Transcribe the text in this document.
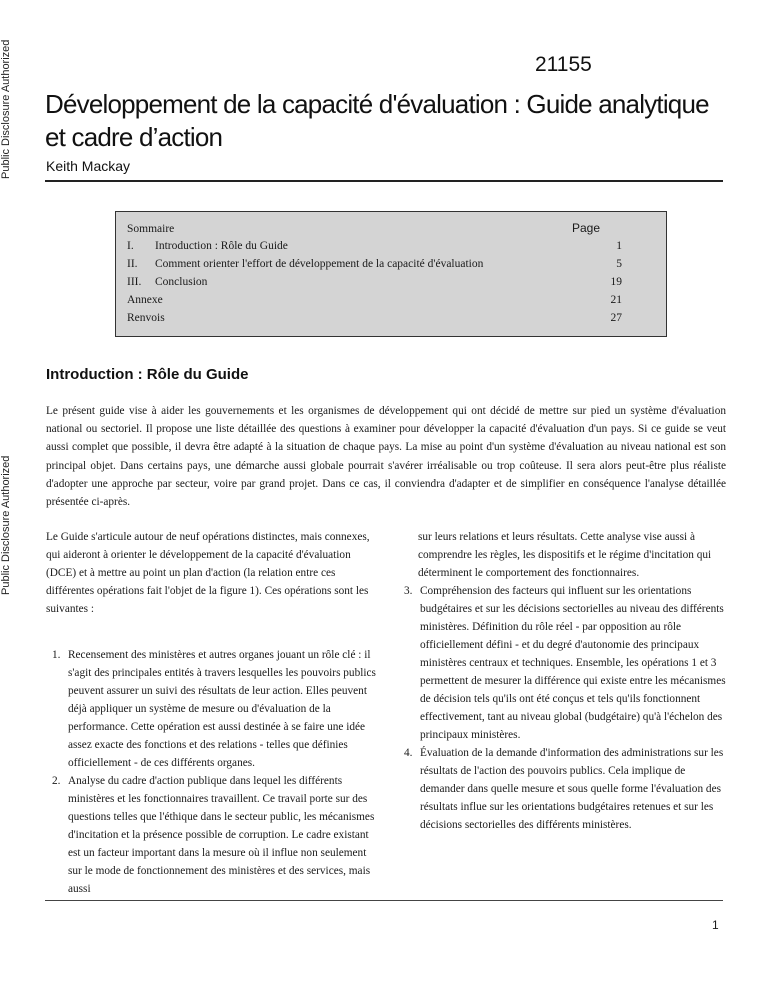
Public Disclosure Authorized
Public Disclosure Authorized
21155
Développement de la capacité d'évaluation : Guide analytique et cadre d’action
Keith Mackay
Sommaire	Page
I. Introduction : Rôle du Guide	1
II. Comment orienter l'effort de développement de la capacité d'évaluation	5
III. Conclusion	19
Annexe	21
Renvois	27
Introduction : Rôle du Guide

Le présent guide vise à aider les gouvernements et les organismes de développement qui ont décidé de mettre sur pied un système d'évaluation national ou sectoriel. Il propose une liste détaillée des questions à examiner pour développer la capacité d'évaluation d'un pays. Si ce guide se veut aussi complet que possible, il devra être adapté à la situation de chaque pays. La mise au point d'un système d'évaluation au niveau national est son principal objet. Dans certains pays, une démarche aussi globale pourrait s'avérer irréalisable ou trop coûteuse. Il sera alors peut-être plus réaliste d'adopter une approche par secteur, voire par grand projet. Dans ce cas, il conviendra d'adapter et de simplifier en conséquence l'analyse détaillée présentée ci-après.

Le Guide s'articule autour de neuf opérations distinctes, mais connexes, qui aideront à orienter le développement de la capacité d'évaluation (DCE) et à mettre au point un plan d'action (la relation entre ces différentes opérations fait l'objet de la figure 1). Ces opérations sont les suivantes :

1. Recensement des ministères et autres organes jouant un rôle clé : il s'agit des principales entités à travers lesquelles les pouvoirs publics peuvent assurer un suivi des résultats de leur action. Elles peuvent déjà appliquer un système de mesure ou d'évaluation de la performance. Cette opération est aussi destinée à se faire une idée assez exacte des fonctions et des relations - telles que définies officiellement - de ces différents organes.
2. Analyse du cadre d'action publique dans lequel les différents ministères et les fonctionnaires travaillent. Ce travail porte sur des questions telles que l'éthique dans le secteur public, les mécanismes d'incitation et la présence possible de corruption. Le cadre existant est un facteur important dans la mesure où il influe non seulement sur le mode de fonctionnement des ministères et des services, mais aussi

sur leurs relations et leurs résultats. Cette analyse vise aussi à comprendre les règles, les dispositifs et le régime d'incitation qui déterminent le comportement des fonctionnaires.

3. Compréhension des facteurs qui influent sur les orientations budgétaires et sur les décisions sectorielles au niveau des différents ministères. Définition du rôle réel - par opposition au rôle officiellement défini - et du degré d'autonomie des principaux ministères centraux et techniques. Ensemble, les opérations 1 et 3 permettent de mesurer la différence qui existe entre les mécanismes de décision tels qu'ils ont été conçus et tels qu'ils fonctionnent effectivement, tant au niveau global (budgétaire) qu'à l'échelon des principaux ministères.
4. Évaluation de la demande d'information des administrations sur les résultats de l'action des pouvoirs publics. Cela implique de demander dans quelle mesure et sous quelle forme l'évaluation des résultats influe sur les orientations budgétaires retenues et sur les décisions sectorielles des différents ministères.
1
